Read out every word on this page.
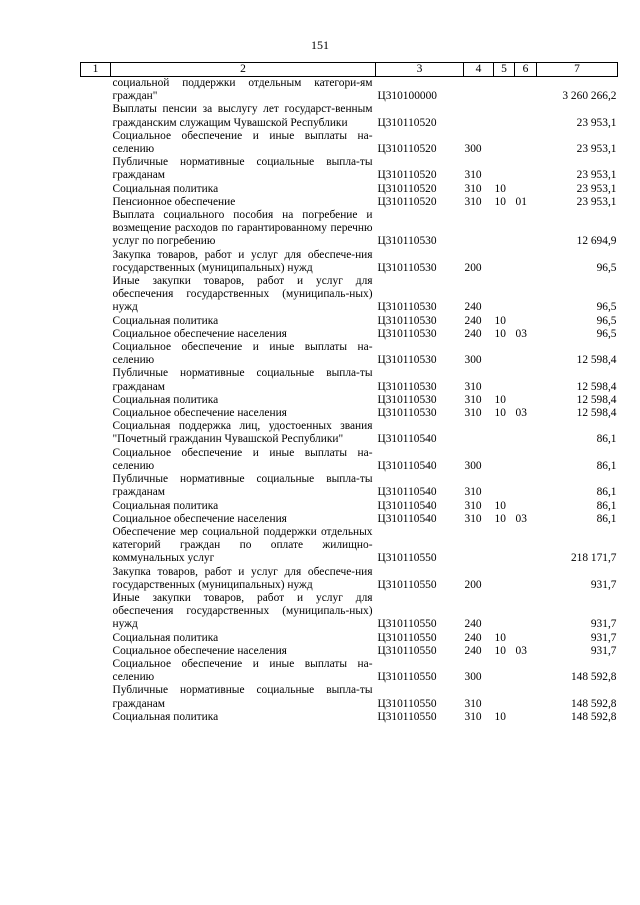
151
1	2	3	4	5	6	7
	социальной поддержки отдельным категори-ям граждан"	Ц310100000				3 260 266,2
	Выплаты пенсии за выслугу лет государст-венным гражданским служащим Чувашской Республики	Ц310110520				23 953,1
	Социальное обеспечение и иные выплаты на-селению	Ц310110520	300			23 953,1
	Публичные нормативные социальные выпла-ты гражданам	Ц310110520	310			23 953,1
	Социальная политика	Ц310110520	310	10		23 953,1
	Пенсионное обеспечение	Ц310110520	310	10	01	23 953,1
	Выплата социального пособия на погребение и возмещение расходов по гарантированному перечню услуг по погребению	Ц310110530				12 694,9
	Закупка товаров, работ и услуг для обеспече-ния государственных (муниципальных) нужд	Ц310110530	200			96,5
	Иные закупки товаров, работ и услуг для обеспечения государственных (муниципаль-ных) нужд	Ц310110530	240			96,5
	Социальная политика	Ц310110530	240	10		96,5
	Социальное обеспечение населения	Ц310110530	240	10	03	96,5
	Социальное обеспечение и иные выплаты на-селению	Ц310110530	300			12 598,4
	Публичные нормативные социальные выпла-ты гражданам	Ц310110530	310			12 598,4
	Социальная политика	Ц310110530	310	10		12 598,4
	Социальное обеспечение населения	Ц310110530	310	10	03	12 598,4
	Социальная поддержка лиц, удостоенных звания "Почетный гражданин Чувашской Республики"	Ц310110540				86,1
	Социальное обеспечение и иные выплаты на-селению	Ц310110540	300			86,1
	Публичные нормативные социальные выпла-ты гражданам	Ц310110540	310			86,1
	Социальная политика	Ц310110540	310	10		86,1
	Социальное обеспечение населения	Ц310110540	310	10	03	86,1
	Обеспечение мер социальной поддержки отдельных категорий граждан по оплате жилищно-коммунальных услуг	Ц310110550				218 171,7
	Закупка товаров, работ и услуг для обеспече-ния государственных (муниципальных) нужд	Ц310110550	200			931,7
	Иные закупки товаров, работ и услуг для обеспечения государственных (муниципаль-ных) нужд	Ц310110550	240			931,7
	Социальная политика	Ц310110550	240	10		931,7
	Социальное обеспечение населения	Ц310110550	240	10	03	931,7
	Социальное обеспечение и иные выплаты на-селению	Ц310110550	300			148 592,8
	Публичные нормативные социальные выпла-ты гражданам	Ц310110550	310			148 592,8
	Социальная политика	Ц310110550	310	10		148 592,8
